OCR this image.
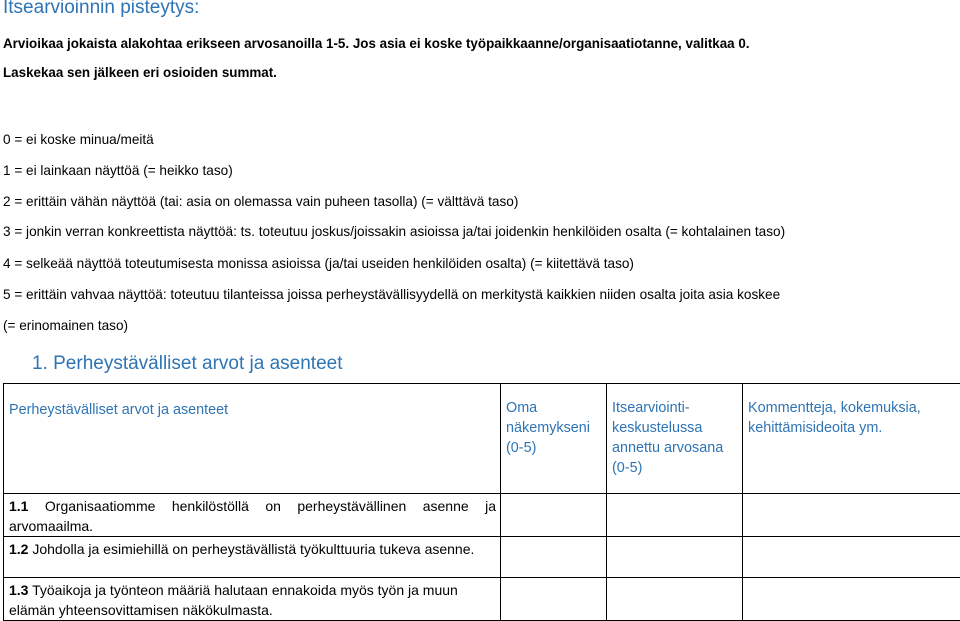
Itsearvioinnin pisteytys:
Arvioikaa jokaista alakohtaa erikseen arvosanoilla 1-5. Jos asia ei koske työpaikkaanne/organisaatiotanne, valitkaa 0.
Laskekaa sen jälkeen eri osioiden summat.
0 = ei koske minua/meitä
1 = ei lainkaan näyttöä (= heikko taso)
2 = erittäin vähän näyttöä (tai: asia on olemassa vain puheen tasolla) (= välttävä taso)
3 = jonkin verran konkreettista näyttöä: ts. toteutuu joskus/joissakin asioissa ja/tai joidenkin henkilöiden osalta (= kohtalainen taso)
4 = selkeää näyttöä toteutumisesta monissa asioissa (ja/tai useiden henkilöiden osalta) (= kiitettävä taso)
5 = erittäin vahvaa näyttöä: toteutuu tilanteissa joissa perheystävällisyydellä on merkitystä kaikkien niiden osalta joita asia koskee
(= erinomainen taso)
1. Perheystävälliset arvot ja asenteet
Perheystävälliset arvot ja asenteet	Oma näkemykseni (0-5)	Itsearviointi-keskustelussa annettu arvosana (0-5)	Kommentteja, kokemuksia, kehittämisideoita ym.

1.1 Organisaatiomme henkilöstöllä on perheystävällinen asenne ja arvomaailma.			
1.2 Johdolla ja esimiehillä on perheystävällistä työkulttuuria tukeva asenne.			
1.3 Työaikoja ja työnteon määriä halutaan ennakoida myös työn ja muun elämän yhteensovittamisen näkökulmasta.			
